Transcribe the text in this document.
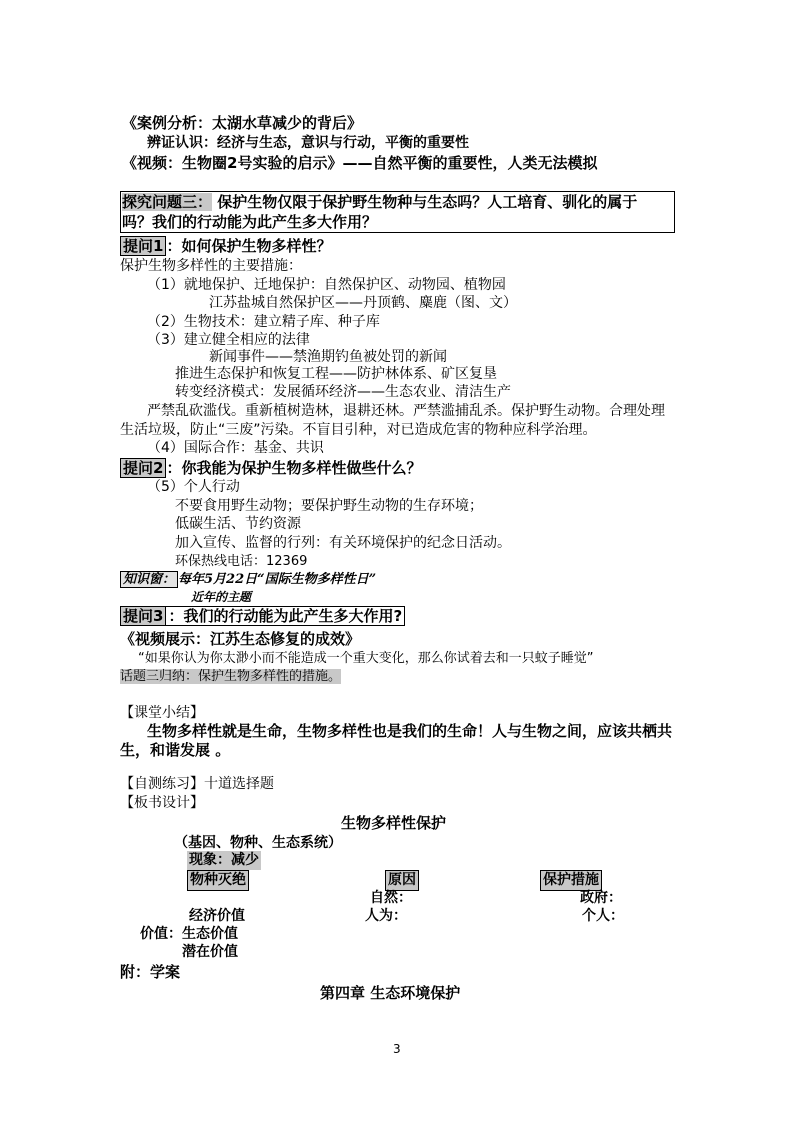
《案例分析：太湖水草减少的背后》
辨证认识：经济与生态，意识与行动，平衡的重要性
《视频：生物圈2号实验的启示》——自然平衡的重要性，人类无法模拟
探究问题三： 保护生物仅限于保护野生物种与生态吗？人工培育、驯化的属于
吗？我们的行动能为此产生多大作用？
提问1 ：如何保护生物多样性？
保护生物多样性的主要措施：
（1）就地保护、迁地保护：自然保护区、动物园、植物园
江苏盐城自然保护区——丹顶鹤、麋鹿（图、文）
（2）生物技术：建立精子库、种子库
（3）建立健全相应的法律
新闻事件——禁渔期钓鱼被处罚的新闻
推进生态保护和恢复工程——防护林体系、矿区复垦
转变经济模式：发展循环经济——生态农业、清洁生产
严禁乱砍滥伐。重新植树造林，退耕还林。严禁滥捕乱杀。保护野生动物。合理处理
生活垃圾，防止“三废”污染。不盲目引种，对已造成危害的物种应科学治理。
（4）国际合作：基金、共识
提问2 ：你我能为保护生物多样性做些什么？
（5）个人行动
不要食用野生动物；要保护野生动物的生存环境；
低碳生活、节约资源
加入宣传、监督的行列：有关环境保护的纪念日活动。
环保热线电话：12369
知识窗： 每年5月22日“国际生物多样性日”
近年的主题
提问3 ：我们的行动能为此产生多大作用?
《视频展示：江苏生态修复的成效》
“如果你认为你太渺小而不能造成一个重大变化，那么你试着去和一只蚊子睡觉”
话题三归纳：保护生物多样性的措施。
【课堂小结】
生物多样性就是生命，生物多样性也是我们的生命！人与生物之间，应该共栖共
生，和谐发展 。
【自测练习】十道选择题
【板书设计】
生物多样性保护
（基因、物种、生态系统）
现象：减少
物种灭绝	原因	保护措施
自然：	政府：
经济价值	人为：	个人：
价值：生态价值
潜在价值
附：学案
第四章 生态环境保护
3
